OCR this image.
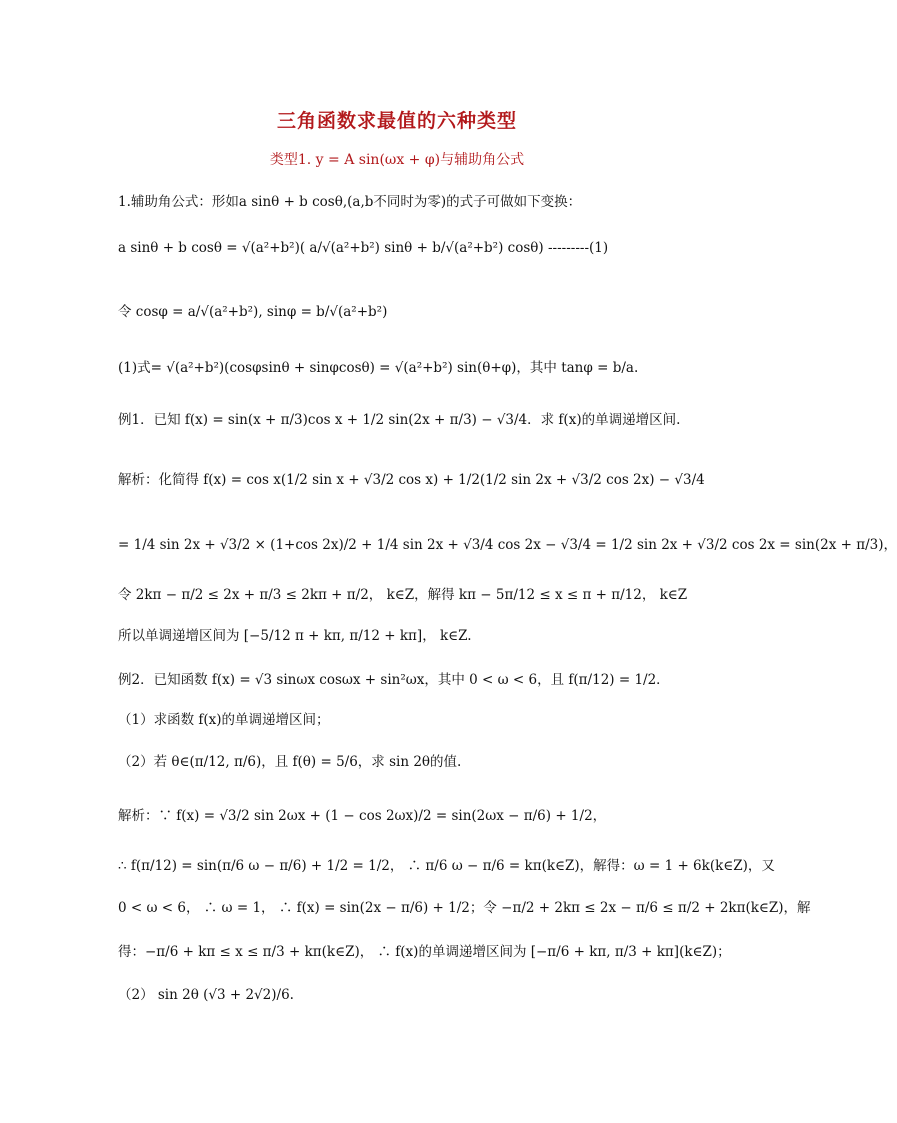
三角函数求最值的六种类型
类型1. y = A sin(ωx + φ)与辅助角公式
1.辅助角公式：形如a sinθ + b cosθ,(a,b不同时为零)的式子可做如下变换：
a sinθ + b cosθ = √(a²+b²)( a/√(a²+b²) sinθ + b/√(a²+b²) cosθ) ---------(1)
令 cosφ = a/√(a²+b²), sinφ = b/√(a²+b²)
(1)式= √(a²+b²)(cosφsinθ + sinφcosθ) = √(a²+b²) sin(θ+φ)，其中 tanφ = b/a.
例1．已知 f(x) = sin(x + π/3)cos x + 1/2 sin(2x + π/3) − √3/4．求 f(x)的单调递增区间.
解析：化简得 f(x) = cos x(1/2 sin x + √3/2 cos x) + 1/2(1/2 sin 2x + √3/2 cos 2x) − √3/4
= 1/4 sin 2x + √3/2 × (1+cos 2x)/2 + 1/4 sin 2x + √3/4 cos 2x − √3/4 = 1/2 sin 2x + √3/2 cos 2x = sin(2x + π/3)，
令 2kπ − π/2 ≤ 2x + π/3 ≤ 2kπ + π/2， k∈Z，解得 kπ − 5π/12 ≤ x ≤ π + π/12， k∈Z
所以单调递增区间为 [−5/12 π + kπ, π/12 + kπ]， k∈Z.
例2．已知函数 f(x) = √3 sinωx cosωx + sin²ωx，其中 0 < ω < 6，且 f(π/12) = 1/2．
（1）求函数 f(x)的单调递增区间；
（2）若 θ∈(π/12, π/6)，且 f(θ) = 5/6，求 sin 2θ的值.
解析：∵ f(x) = √3/2 sin 2ωx + (1 − cos 2ωx)/2 = sin(2ωx − π/6) + 1/2，
∴ f(π/12) = sin(π/6 ω − π/6) + 1/2 = 1/2， ∴ π/6 ω − π/6 = kπ(k∈Z)，解得：ω = 1 + 6k(k∈Z)，又
0 < ω < 6， ∴ ω = 1， ∴ f(x) = sin(2x − π/6) + 1/2；令 −π/2 + 2kπ ≤ 2x − π/6 ≤ π/2 + 2kπ(k∈Z)，解
得：−π/6 + kπ ≤ x ≤ π/3 + kπ(k∈Z)， ∴ f(x)的单调递增区间为 [−π/6 + kπ, π/3 + kπ](k∈Z)；
（2） sin 2θ (√3 + 2√2)/6.
